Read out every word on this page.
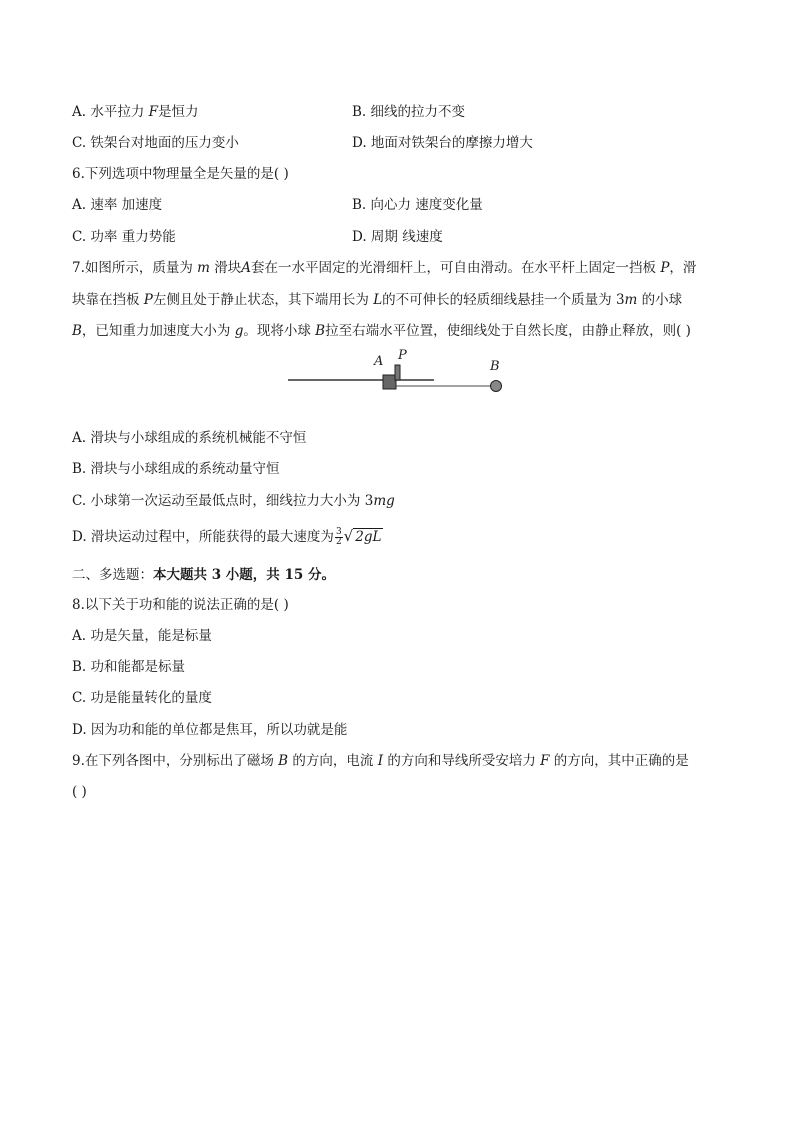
A. 水平拉力 F是恒力	B. 细线的拉力不变
C. 铁架台对地面的压力变小	D. 地面对铁架台的摩擦力增大
6.下列选项中物理量全是矢量的是( )
A. 速率 加速度	B. 向心力 速度变化量
C. 功率 重力势能	D. 周期 线速度
7.如图所示，质量为 m 滑块A套在一水平固定的光滑细杆上，可自由滑动。在水平杆上固定一挡板 P，滑
块靠在挡板 P左侧且处于静止状态，其下端用长为 L的不可伸长的轻质细线悬挂一个质量为 3m 的小球
B，已知重力加速度大小为 g。现将小球 B拉至右端水平位置，使细线处于自然长度，由静止释放，则( )
A P
B
A. 滑块与小球组成的系统机械能不守恒
B. 滑块与小球组成的系统动量守恒
C. 小球第一次运动至最低点时，细线拉力大小为 3mg
D. 滑块运动过程中，所能获得的最大速度为 $\frac{3}{2}$ √ 2gL
二、多选题：本大题共 3 小题，共 15 分。
8.以下关于功和能的说法正确的是( )
A. 功是矢量，能是标量
B. 功和能都是标量
C. 功是能量转化的量度
D. 因为功和能的单位都是焦耳，所以功就是能
9.在下列各图中，分别标出了磁场 B 的方向，电流 I 的方向和导线所受安培力 F 的方向，其中正确的是
( )
